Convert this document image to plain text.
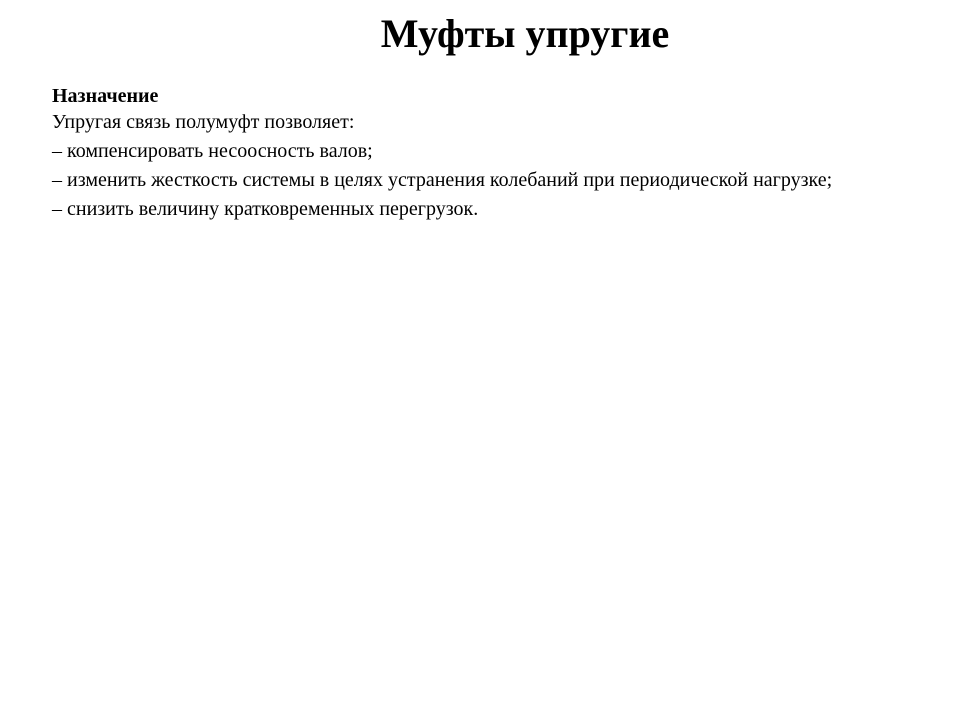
Муфты упругие
Назначение
Упругая связь полумуфт позволяет:
– компенсировать несоосность валов;
– изменить жесткость системы в целях устранения колебаний при периодической нагрузке;
– снизить величину кратковременных перегрузок.
